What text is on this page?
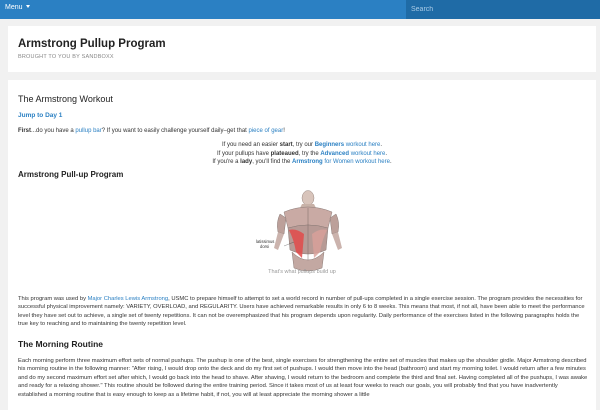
Menu
Search
Armstrong Pullup Program
BROUGHT TO YOU BY SANDBOXX
The Armstrong Workout
Jump to Day 1
First...do you have a pullup bar? If you want to easily challenge yourself daily–get that piece of gear!
If you need an easier start, try our Beginners workout here.
If your pullups have plateaued, try the Advanced workout here.
If you're a lady, you'll find the Armstrong for Women workout here.
Armstrong Pull-up Program
latissimus
dorsi
That's what pullups build up
This program was used by Major Charles Lewis Armstrong, USMC to prepare himself to attempt to set a world record in number of pull-ups completed in a single exercise session. The program provides the necessities for successful physical improvement namely: VARIETY, OVERLOAD, and REGULARITY. Users have achieved remarkable results in only 6 to 8 weeks. This means that most, if not all, have been able to meet the performance level they have set out to achieve, a single set of twenty repetitions. It can not be overemphasized that his program depends upon regularity. Daily performance of the exercises listed in the following paragraphs holds the true key to reaching and to maintaining the twenty repetition level.
The Morning Routine
Each morning perform three maximum effort sets of normal pushups. The pushup is one of the best, single exercises for strengthening the entire set of muscles that makes up the shoulder girdle. Major Armstrong described his morning routine in the following manner: "After rising, I would drop onto the deck and do my first set of pushups. I would then move into the head (bathroom) and start my morning toilet. I would return after a few minutes and do my second maximum effort set after which, I would go back into the head to shave. After shaving, I would return to the bedroom and complete the third and final set. Having completed all of the pushups, I was awake and ready for a relaxing shower." This routine should be followed during the entire training period. Since it takes most of us at least four weeks to reach our goals, you will probably find that you have inadvertently established a morning routine that is easy enough to keep as a lifetime habit, if not, you will at least appreciate the morning shower a little
